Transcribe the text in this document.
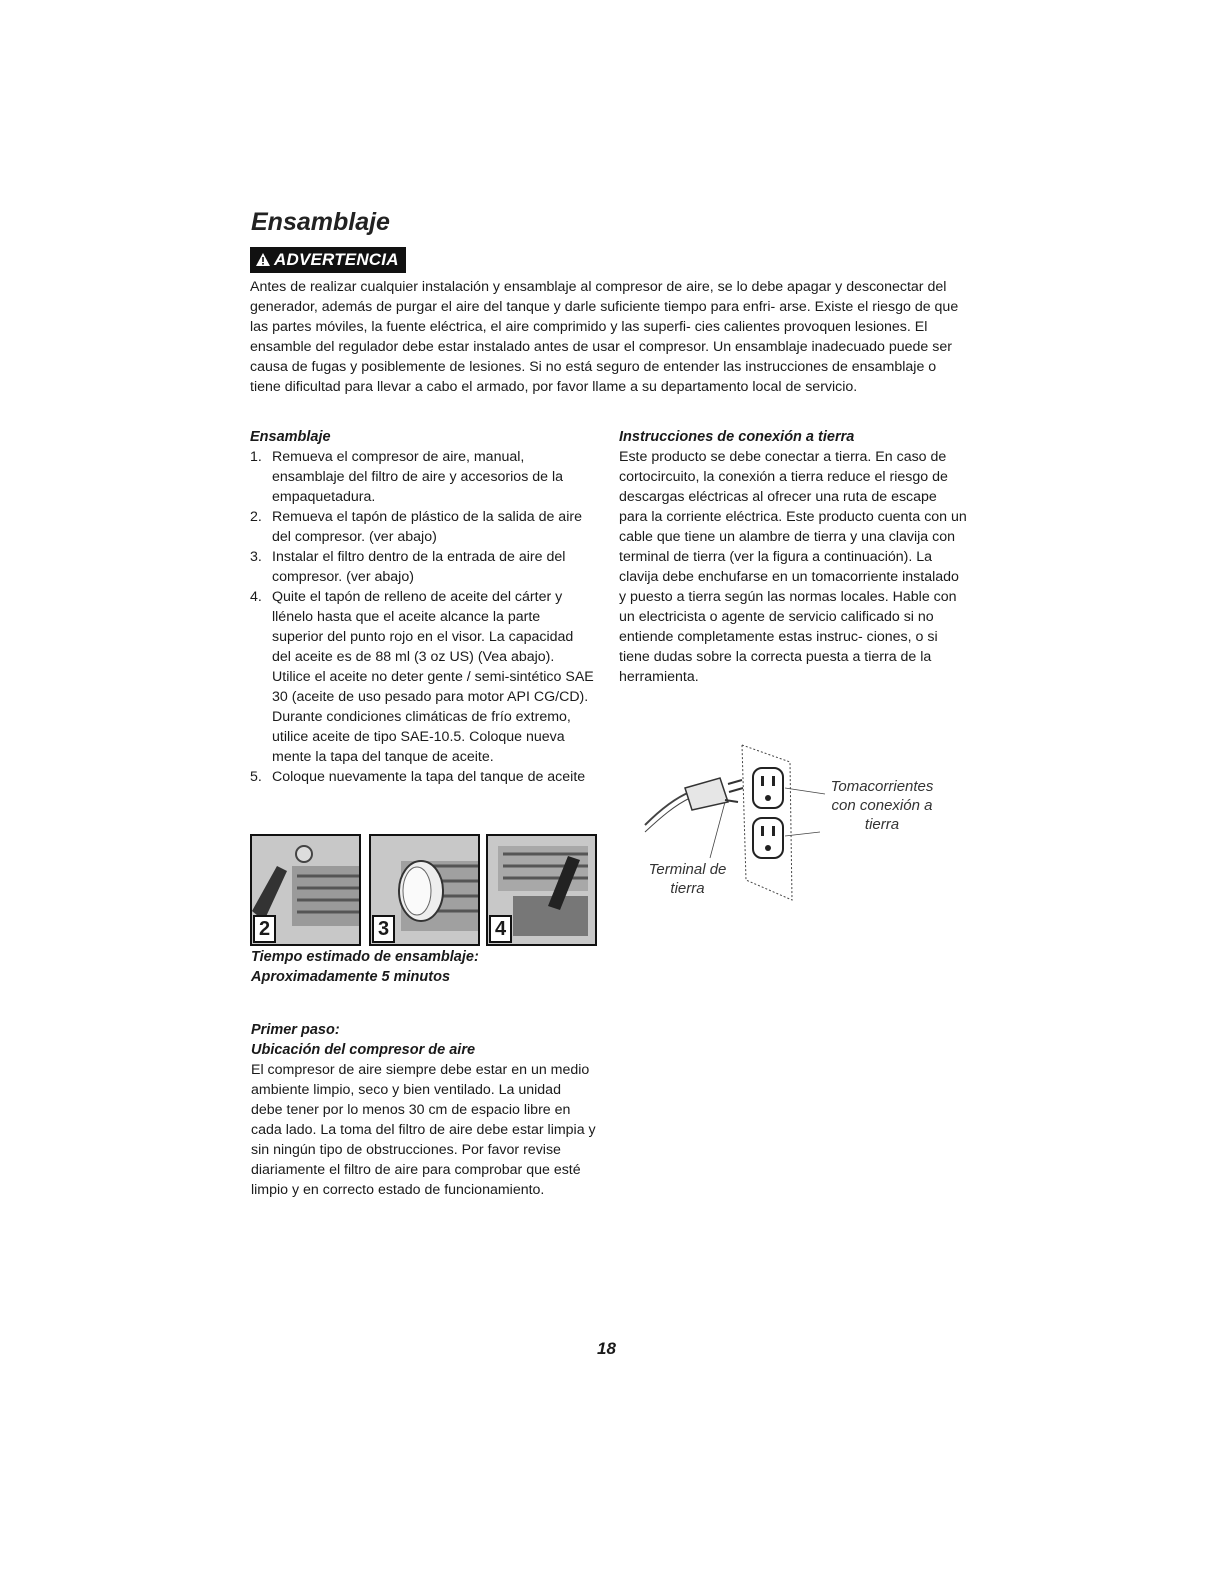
Ensamblaje
ADVERTENCIA
Antes de realizar cualquier instalación y ensamblaje al compresor de aire, se lo debe apagar y desconectar del generador, además de purgar el aire del tanque y darle suficiente tiempo para enfri- arse. Existe el riesgo de que las partes móviles, la fuente eléctrica, el aire comprimido y las superfi- cies calientes provoquen lesiones. El ensamble del regulador debe estar instalado antes de usar el compresor. Un ensamblaje inadecuado puede ser causa de fugas y posiblemente de lesiones. Si no está seguro de entender las instrucciones de ensamblaje o tiene dificultad para llevar a cabo el armado, por favor llame a su departamento local de servicio.
Ensamblaje
1. Remueva el compresor de aire, manual, ensamblaje del filtro de aire y accesorios de la empaquetadura.
2. Remueva el tapón de plástico de la salida de aire del compresor. (ver abajo)
3. Instalar el filtro dentro de la entrada de aire del compresor. (ver abajo)
4. Quite el tapón de relleno de aceite del cárter y llénelo hasta que el aceite alcance la parte superior del punto rojo en el visor. La capacidad del aceite es de 88 ml (3 oz US) (Vea abajo). Utilice el aceite no deter gente / semi-sintético SAE 30 (aceite de uso pesado para motor API CG/CD). Durante condiciones climáticas de frío extremo, utilice aceite de tipo SAE-10.5. Coloque nueva mente la tapa del tanque de aceite.
5. Coloque nuevamente la tapa del tanque de aceite
2	3	4
Tiempo estimado de ensamblaje:
Aproximadamente 5 minutos
Primer paso:
Ubicación del compresor de aire
El compresor de aire siempre debe estar en un medio ambiente limpio, seco y bien ventilado. La unidad debe tener por lo menos 30 cm de espacio libre en cada lado. La toma del filtro de aire debe estar limpia y sin ningún tipo de obstrucciones. Por favor revise diariamente el filtro de aire para comprobar que esté limpio y en correcto estado de funcionamiento.
Instrucciones de conexión a tierra
Este producto se debe conectar a tierra. En caso de cortocircuito, la conexión a tierra reduce el riesgo de descargas eléctricas al ofrecer una ruta de escape para la corriente eléctrica. Este producto cuenta con un cable que tiene un alambre de tierra y una clavija con terminal de tierra (ver la figura a continuación). La clavija debe enchufarse en un tomacorriente instalado y puesto a tierra según las normas locales. Hable con un electricista o agente de servicio calificado si no entiende completamente estas instruc- ciones, o si tiene dudas sobre la correcta puesta a tierra de la herramienta.
Tomacorrientes
con conexión a
tierra
Terminal de
tierra
18
